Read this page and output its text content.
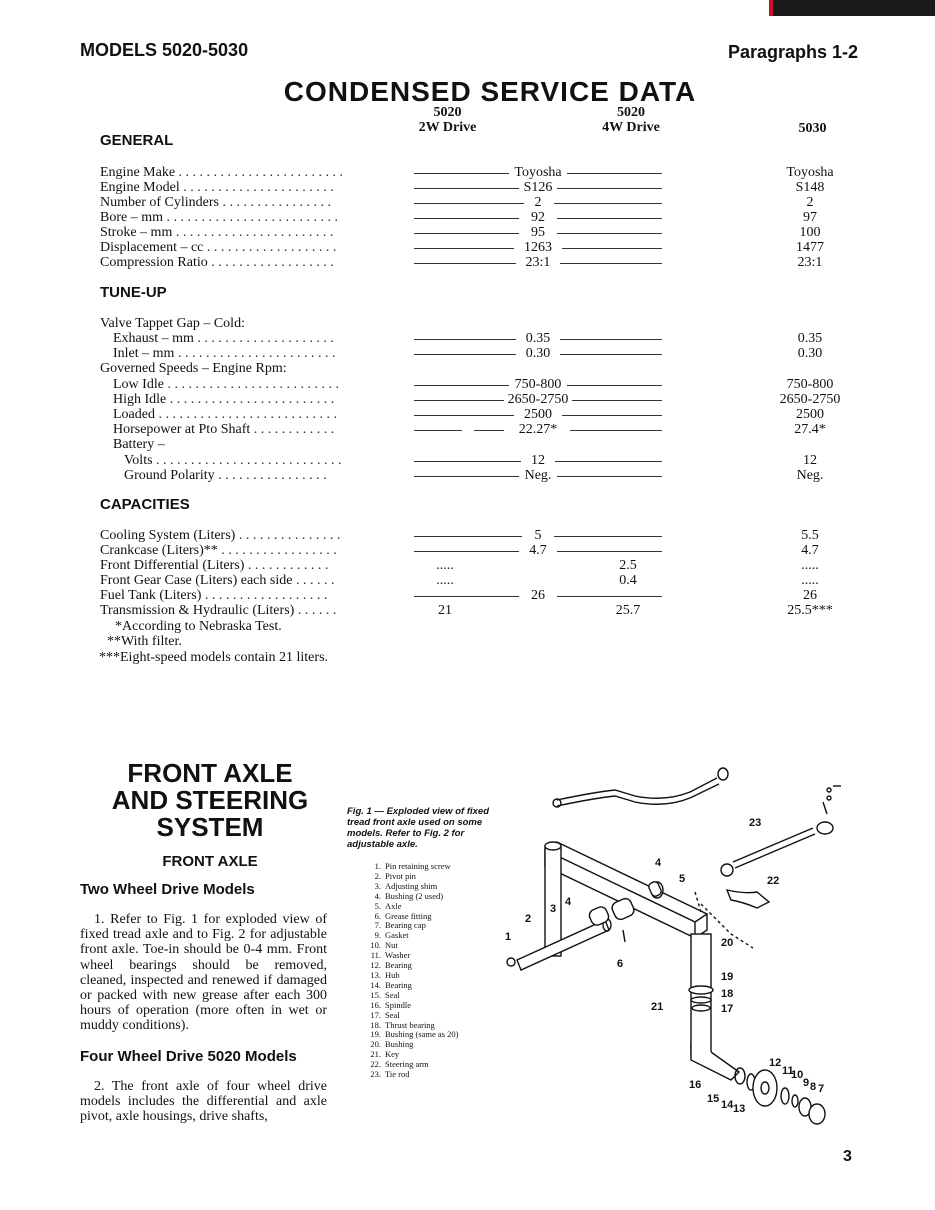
MODELS 5020-5030	Paragraphs 1-2
CONDENSED SERVICE DATA
5020
2W Drive
5020
4W Drive	5030
GENERAL
Engine Make . . . . . . . . . . . . . . . . . . . . . . . .	Toyosha	Toyosha
Engine Model . . . . . . . . . . . . . . . . . . . . . .	S126	S148
Number of Cylinders . . . . . . . . . . . . . . . .	2	2
Bore – mm . . . . . . . . . . . . . . . . . . . . . . . . .	92	97
Stroke – mm . . . . . . . . . . . . . . . . . . . . . . .	95	100
Displacement – cc . . . . . . . . . . . . . . . . . . .	1263	1477
Compression Ratio . . . . . . . . . . . . . . . . . .	23:1	23:1
TUNE-UP
Valve Tappet Gap – Cold:
Exhaust – mm . . . . . . . . . . . . . . . . . . . .	0.35	0.35
Inlet – mm . . . . . . . . . . . . . . . . . . . . . . .	0.30	0.30
Governed Speeds – Engine Rpm:
Low Idle . . . . . . . . . . . . . . . . . . . . . . . . .	750-800	750-800
High Idle . . . . . . . . . . . . . . . . . . . . . . . .	2650-2750	2650-2750
Loaded . . . . . . . . . . . . . . . . . . . . . . . . . .	2500	2500
Horsepower at Pto Shaft . . . . . . . . . . . .	22.27*	27.4*
Battery –
Volts . . . . . . . . . . . . . . . . . . . . . . . . . . .	12	12
Ground Polarity . . . . . . . . . . . . . . . .	Neg.	Neg.
CAPACITIES
Cooling System (Liters) . . . . . . . . . . . . . . .	5	5.5
Crankcase (Liters)** . . . . . . . . . . . . . . . . .	4.7	4.7
Front Differential (Liters) . . . . . . . . . . . .	.....	2.5	.....
Front Gear Case (Liters) each side . . . . . .	.....	0.4	.....
Fuel Tank (Liters) . . . . . . . . . . . . . . . . . .	26	26
Transmission & Hydraulic (Liters) . . . . . .	21	25.7	25.5***
*According to Nebraska Test.
**With filter.
***Eight-speed models contain 21 liters.
FRONT AXLE
AND STEERING
SYSTEM
FRONT AXLE
Two Wheel Drive Models
1. Refer to Fig. 1 for exploded view of fixed tread axle and to Fig. 2 for adjustable front axle. Toe-in should be 0-4 mm. Front wheel bearings should be removed, cleaned, inspected and renewed if damaged or packed with new grease after each 300 hours of operation (more often in wet or muddy conditions).
Four Wheel Drive 5020 Models
2. The front axle of four wheel drive models includes the differential and axle pivot, axle housings, drive shafts,
Fig. 1 — Exploded view of fixed tread front axle used on some models. Refer to Fig. 2 for adjustable axle.
1. Pin retaining screw
2. Pivot pin
3. Adjusting shim
4. Bushing (2 used)
5. Axle
6. Grease fitting
7. Bearing cap
9. Gasket
10. Nut
11. Washer
12. Bearing
13. Hub
14. Bearing
15. Seal
16. Spindle
17. Seal
18. Thrust bearing
19. Bushing (same as 20)
20. Bushing
21. Key
22. Steering arm
23. Tie rod
1
2
3
4
4
5
6
7
8
9
10
11
12
13
14
15
16
17
18
19
20
21
22
23
3
